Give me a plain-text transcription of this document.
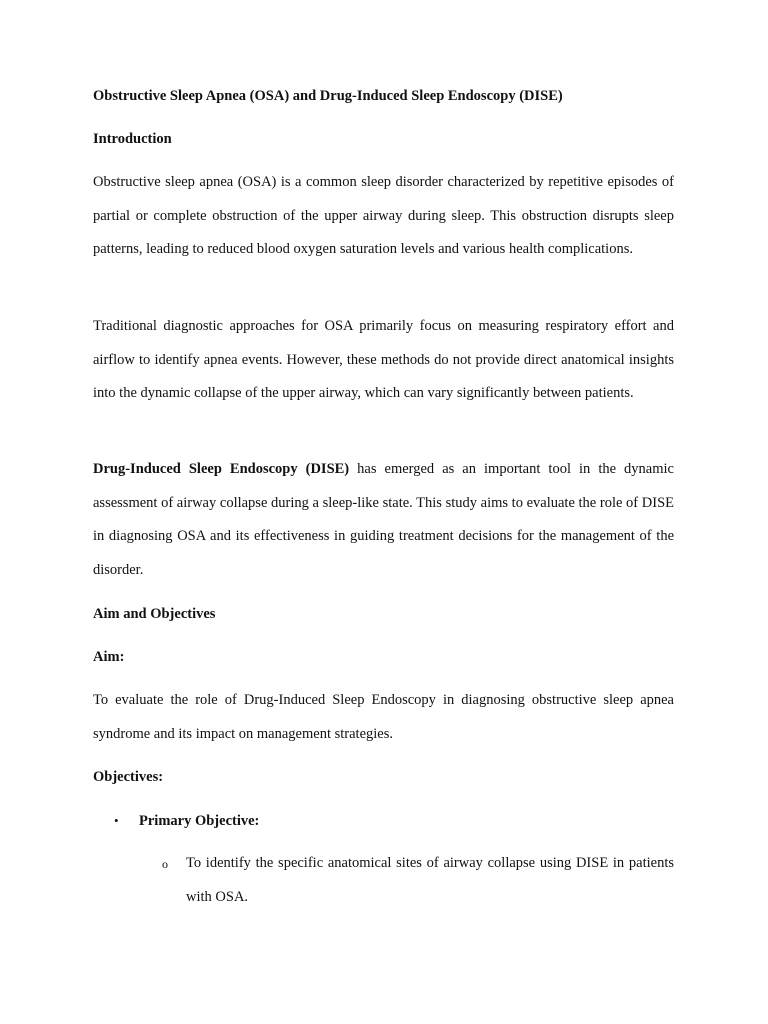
Obstructive Sleep Apnea (OSA) and Drug-Induced Sleep Endoscopy (DISE)
Introduction
Obstructive sleep apnea (OSA) is a common sleep disorder characterized by repetitive episodes of partial or complete obstruction of the upper airway during sleep. This obstruction disrupts sleep patterns, leading to reduced blood oxygen saturation levels and various health complications.
Traditional diagnostic approaches for OSA primarily focus on measuring respiratory effort and airflow to identify apnea events. However, these methods do not provide direct anatomical insights into the dynamic collapse of the upper airway, which can vary significantly between patients.
Drug-Induced Sleep Endoscopy (DISE) has emerged as an important tool in the dynamic assessment of airway collapse during a sleep-like state. This study aims to evaluate the role of DISE in diagnosing OSA and its effectiveness in guiding treatment decisions for the management of the disorder.
Aim and Objectives
Aim:
To evaluate the role of Drug-Induced Sleep Endoscopy in diagnosing obstructive sleep apnea syndrome and its impact on management strategies.
Objectives:
• Primary Objective:
o To identify the specific anatomical sites of airway collapse using DISE in patients with OSA.
